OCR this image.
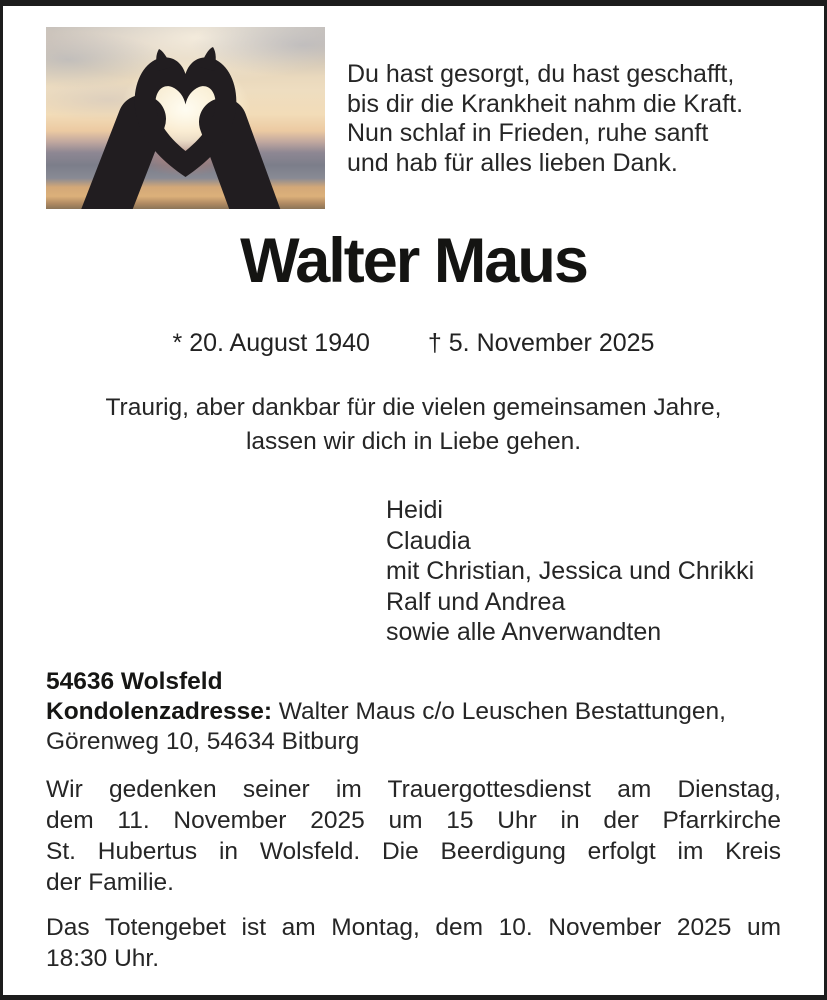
Du hast gesorgt, du hast geschafft,
bis dir die Krankheit nahm die Kraft.
Nun schlaf in Frieden, ruhe sanft
und hab für alles lieben Dank.
Walter Maus
* 20. August 1940 † 5. November 2025
Traurig, aber dankbar für die vielen gemeinsamen Jahre,
lassen wir dich in Liebe gehen.
Heidi
Claudia
mit Christian, Jessica und Chrikki
Ralf und Andrea
sowie alle Anverwandten
54636 Wolsfeld
Kondolenzadresse: Walter Maus c/o Leuschen Bestattungen,
Görenweg 10, 54634 Bitburg
Wir gedenken seiner im Trauergottesdienst am Dienstag,
dem 11. November 2025 um 15 Uhr in der Pfarrkirche
St. Hubertus in Wolsfeld. Die Beerdigung erfolgt im Kreis
der Familie.
Das Totengebet ist am Montag, dem 10. November 2025 um
18:30 Uhr.
